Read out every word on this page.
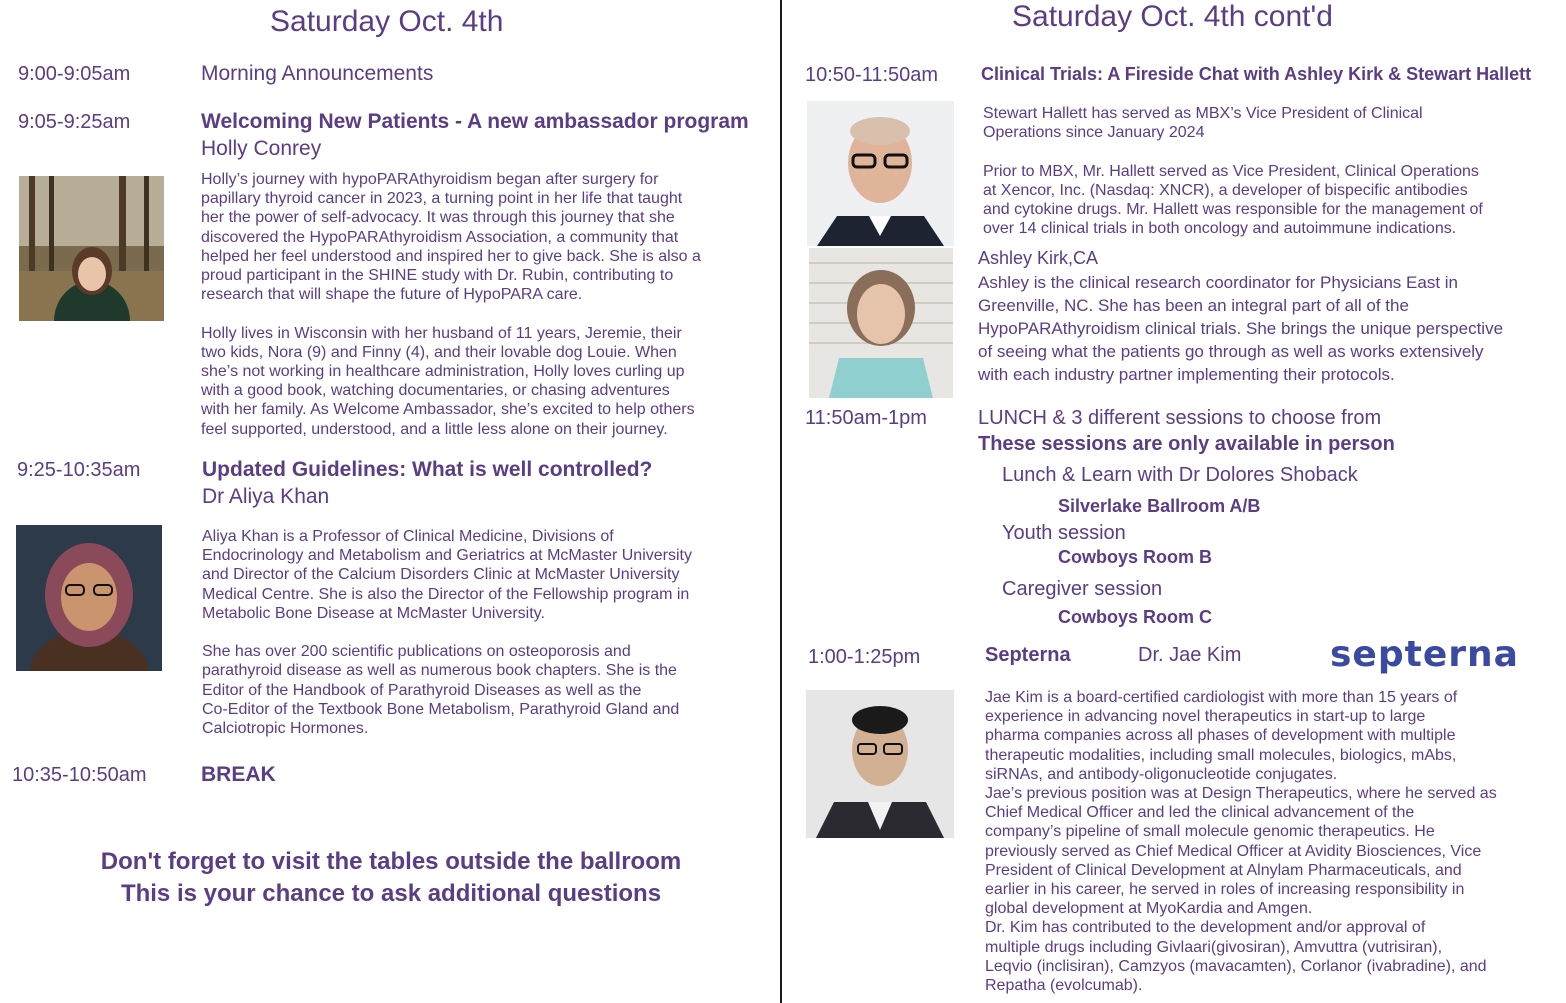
Saturday Oct. 4th
9:00-9:05am	Morning Announcements
9:05-9:25am	Welcoming New Patients - A new ambassador program
Holly Conrey
Holly’s journey with hypoPARAthyroidism began after surgery for
papillary thyroid cancer in 2023, a turning point in her life that taught
her the power of self-advocacy. It was through this journey that she
discovered the HypoPARAthyroidism Association, a community that
helped her feel understood and inspired her to give back. She is also a
proud participant in the SHINE study with Dr. Rubin, contributing to
research that will shape the future of HypoPARA care.

Holly lives in Wisconsin with her husband of 11 years, Jeremie, their
two kids, Nora (9) and Finny (4), and their lovable dog Louie. When
she’s not working in healthcare administration, Holly loves curling up
with a good book, watching documentaries, or chasing adventures
with her family. As Welcome Ambassador, she’s excited to help others
feel supported, understood, and a little less alone on their journey.
9:25-10:35am	Updated Guidelines: What is well controlled?
Dr Aliya Khan
Aliya Khan is a Professor of Clinical Medicine, Divisions of
Endocrinology and Metabolism and Geriatrics at McMaster University
and Director of the Calcium Disorders Clinic at McMaster University
Medical Centre. She is also the Director of the Fellowship program in
Metabolic Bone Disease at McMaster University.

She has over 200 scientific publications on osteoporosis and
parathyroid disease as well as numerous book chapters. She is the
Editor of the Handbook of Parathyroid Diseases as well as the
Co-Editor of the Textbook Bone Metabolism, Parathyroid Gland and
Calciotropic Hormones.
10:35-10:50am	BREAK
Don't forget to visit the tables outside the ballroom
This is your chance to ask additional questions
Saturday Oct. 4th cont'd
10:50-11:50am Clinical Trials: A Fireside Chat with Ashley Kirk & Stewart Hallett
Stewart Hallett has served as MBX’s Vice President of Clinical
Operations since January 2024

Prior to MBX, Mr. Hallett served as Vice President, Clinical Operations
at Xencor, Inc. (Nasdaq: XNCR), a developer of bispecific antibodies
and cytokine drugs. Mr. Hallett was responsible for the management of
over 14 clinical trials in both oncology and autoimmune indications.
Ashley Kirk,CA
Ashley is the clinical research coordinator for Physicians East in
Greenville, NC. She has been an integral part of all of the
HypoPARAthyroidism clinical trials. She brings the unique perspective
of seeing what the patients go through as well as works extensively
with each industry partner implementing their protocols.
11:50am-1pm	LUNCH & 3 different sessions to choose from
These sessions are only available in person
Lunch & Learn with Dr Dolores Shoback
Silverlake Ballroom A/B
Youth session
Cowboys Room B
Caregiver session
Cowboys Room C
1:00-1:25pm	Septerna	Dr. Jae Kim septerna
Jae Kim is a board-certified cardiologist with more than 15 years of
experience in advancing novel therapeutics in start-up to large
pharma companies across all phases of development with multiple
therapeutic modalities, including small molecules, biologics, mAbs,
siRNAs, and antibody-oligonucleotide conjugates.
Jae’s previous position was at Design Therapeutics, where he served as
Chief Medical Officer and led the clinical advancement of the
company’s pipeline of small molecule genomic therapeutics. He
previously served as Chief Medical Officer at Avidity Biosciences, Vice
President of Clinical Development at Alnylam Pharmaceuticals, and
earlier in his career, he served in roles of increasing responsibility in
global development at MyoKardia and Amgen.
Dr. Kim has contributed to the development and/or approval of
multiple drugs including Givlaari(givosiran), Amvuttra (vutrisiran),
Leqvio (inclisiran), Camzyos (mavacamten), Corlanor (ivabradine), and
Repatha (evolcumab).
